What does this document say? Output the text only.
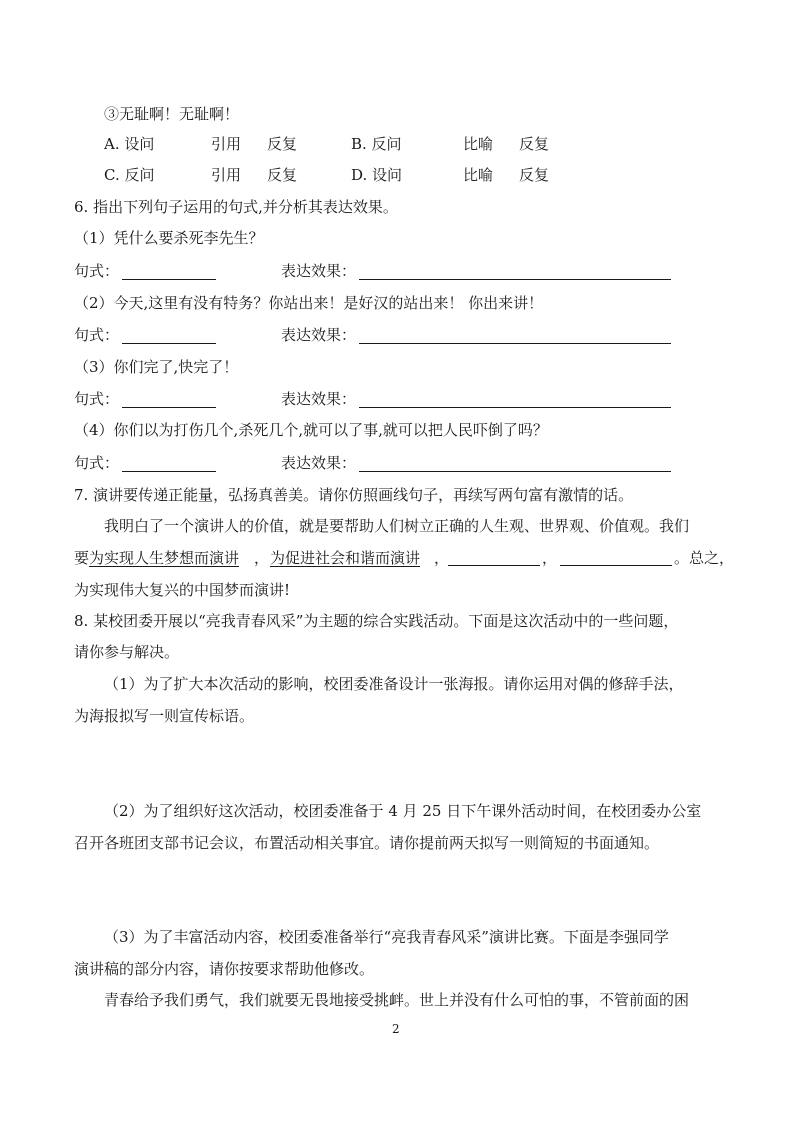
③无耻啊！无耻啊！
A. 设问	引用 反复	B. 反问	比喻 反复
C. 反问	引用 反复	D. 设问	比喻 反复
6. 指出下列句子运用的句式,并分析其表达效果。
（1）凭什么要杀死李先生？
句式：	表达效果：
（2）今天,这里有没有特务？你站出来！是好汉的站出来！ 你出来讲！
句式：	表达效果：
（3）你们完了,快完了！
句式：	表达效果：
（4）你们以为打伤几个,杀死几个,就可以了事,就可以把人民吓倒了吗？
句式：	表达效果：
7. 演讲要传递正能量，弘扬真善美。请你仿照画线句子，再续写两句富有激情的话。
我明白了一个演讲人的价值，就是要帮助人们树立正确的人生观、世界观、价值观。我们
要 为实现人生梦想而演讲 ， 为促进社会和谐而演讲 ，	，	。总之，
为实现伟大复兴的中国梦而演讲!
8. 某校团委开展以“亮我青春风采”为主题的综合实践活动。下面是这次活动中的一些问题，
请你参与解决。
（1）为了扩大本次活动的影响，校团委准备设计一张海报。请你运用对偶的修辞手法，
为海报拟写一则宣传标语。
（2）为了组织好这次活动，校团委准备于 4 月 25 日下午课外活动时间，在校团委办公室
召开各班团支部书记会议，布置活动相关事宜。请你提前两天拟写一则简短的书面通知。
（3）为了丰富活动内容，校团委准备举行“亮我青春风采”演讲比赛。下面是李强同学
演讲稿的部分内容，请你按要求帮助他修改。
青春给予我们勇气，我们就要无畏地接受挑衅。世上并没有什么可怕的事，不管前面的困
2
